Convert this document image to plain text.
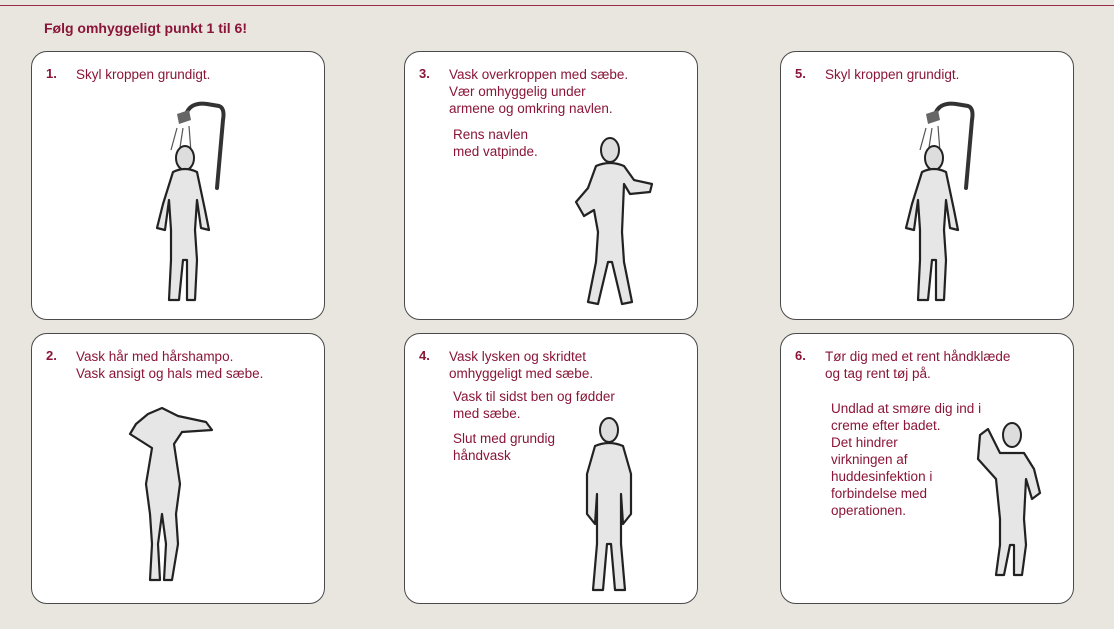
Følg omhyggeligt punkt 1 til 6!
1. Skyl kroppen grundigt.	3. Vask overkroppen med sæbe.
Vær omhyggelig under
armene og omkring navlen.
Rens navlen
med vatpinde.
5. Skyl kroppen grundigt.
2. Vask hår med hårshampo.
Vask ansigt og hals med sæbe.
4. Vask lysken og skridtet
omhyggeligt med sæbe.
Vask til sidst ben og fødder
med sæbe.
Slut med grundig
håndvask
6. Tør dig med et rent håndklæde
og tag rent tøj på.
Undlad at smøre dig ind i
creme efter badet.
Det hindrer
virkningen af
huddesinfektion i
forbindelse med
operationen.
